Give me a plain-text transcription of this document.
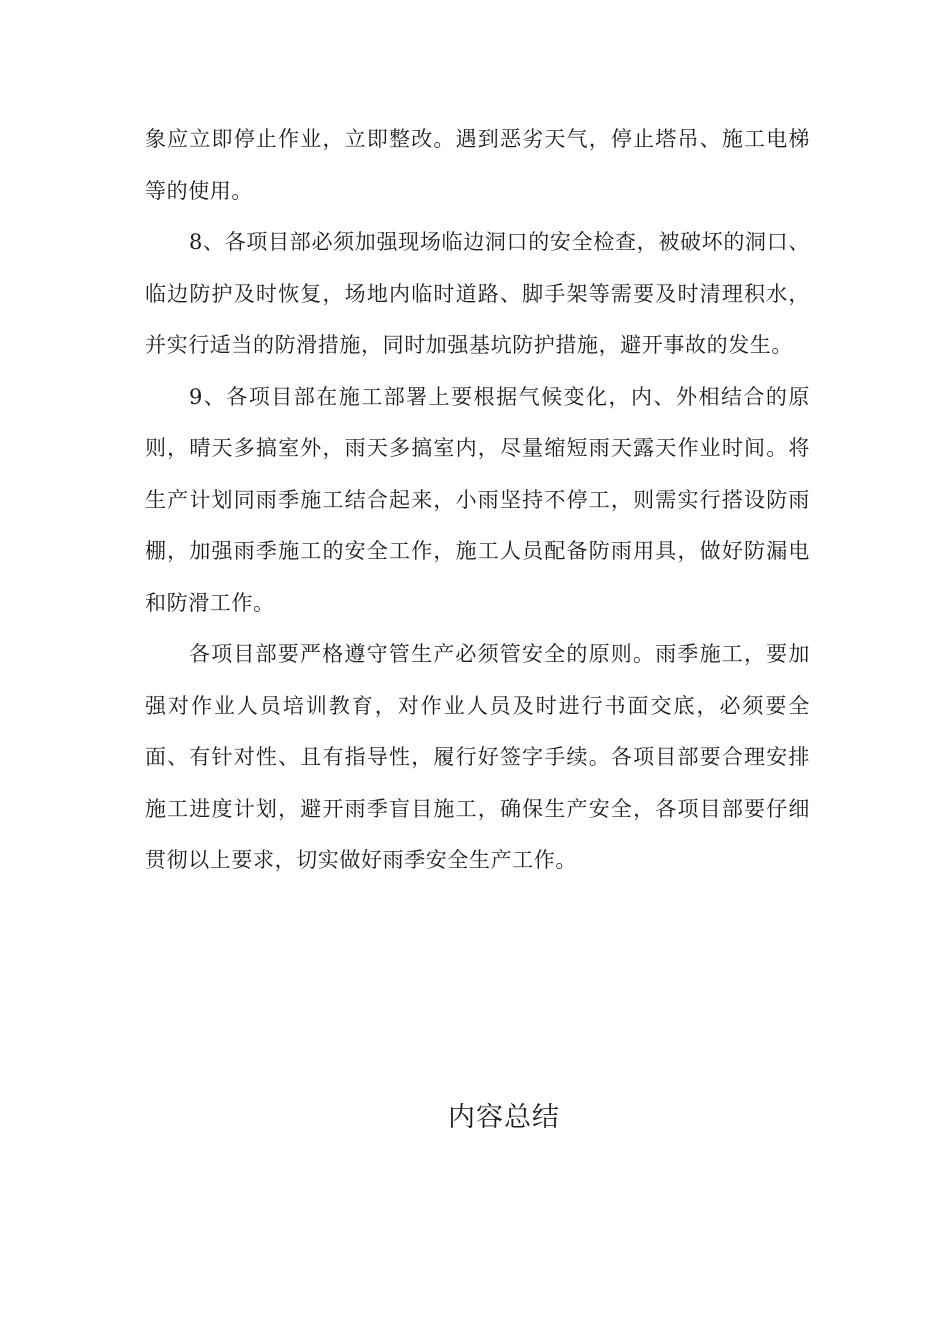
象应立即停止作业，立即整改。遇到恶劣天气，停止塔吊、施工电梯等的使用。

8、各项目部必须加强现场临边洞口的安全检查，被破坏的洞口、临边防护及时恢复，场地内临时道路、脚手架等需要及时清理积水，并实行适当的防滑措施，同时加强基坑防护措施，避开事故的发生。

9、各项目部在施工部署上要根据气候变化，内、外相结合的原则，晴天多搞室外，雨天多搞室内，尽量缩短雨天露天作业时间。将生产计划同雨季施工结合起来，小雨坚持不停工，则需实行搭设防雨棚，加强雨季施工的安全工作，施工人员配备防雨用具，做好防漏电和防滑工作。

各项目部要严格遵守管生产必须管安全的原则。雨季施工，要加强对作业人员培训教育，对作业人员及时进行书面交底，必须要全面、有针对性、且有指导性，履行好签字手续。各项目部要合理安排施工进度计划，避开雨季盲目施工，确保生产安全，各项目部要仔细贯彻以上要求，切实做好雨季安全生产工作。

内容总结
